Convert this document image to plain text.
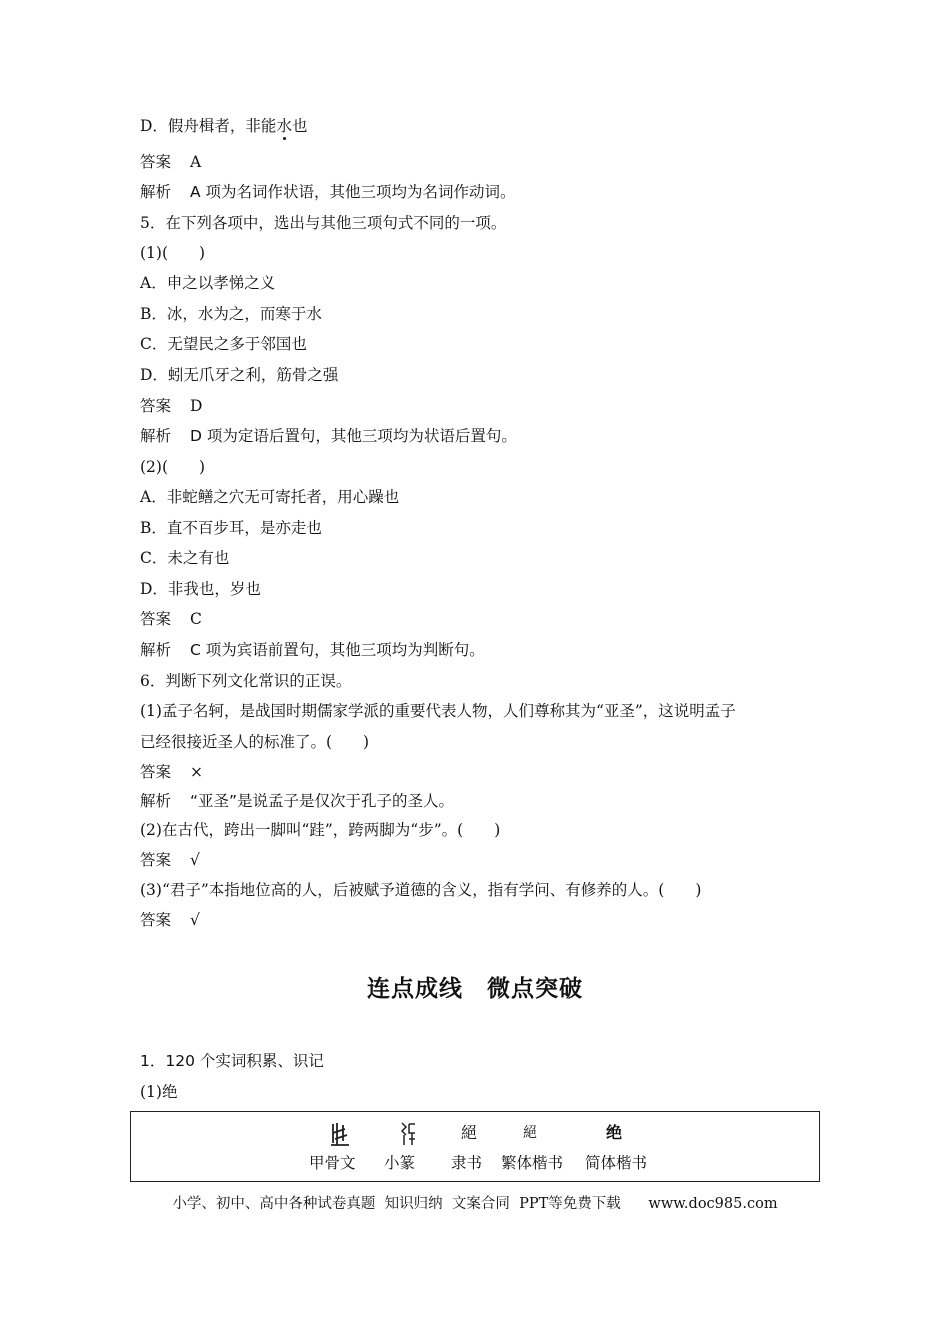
D．假舟楫者，非能水也
答案 A
解析 A 项为名词作状语，其他三项均为名词作动词。
5．在下列各项中，选出与其他三项句式不同的一项。
(1)(　　)
A．申之以孝悌之义
B．冰，水为之，而寒于水
C．无望民之多于邻国也
D．蚓无爪牙之利，筋骨之强
答案 D
解析 D 项为定语后置句，其他三项均为状语后置句。
(2)(　　)
A．非蛇鳝之穴无可寄托者，用心躁也
B．直不百步耳，是亦走也
C．未之有也
D．非我也，岁也
答案 C
解析 C 项为宾语前置句，其他三项均为判断句。
6．判断下列文化常识的正误。
(1)孟子名轲，是战国时期儒家学派的重要代表人物，人们尊称其为“亚圣”，这说明孟子
已经很接近圣人的标准了。(　　)
答案 ×
解析 “亚圣”是说孟子是仅次于孔子的圣人。
(2)在古代，跨出一脚叫“跬”，跨两脚为“步”。(　　)
答案 √
(3)“君子”本指地位高的人，后被赋予道德的含义，指有学问、有修养的人。(　　)
答案 √
连点成线　微点突破
1．120 个实词积累、识记
(1)绝
絕	絕	绝
甲骨文 小篆 隶书 繁体楷书 简体楷书
小学、初中、高中各种试卷真题  知识归纳  文案合同  PPT等免费下载 www.doc985.com
